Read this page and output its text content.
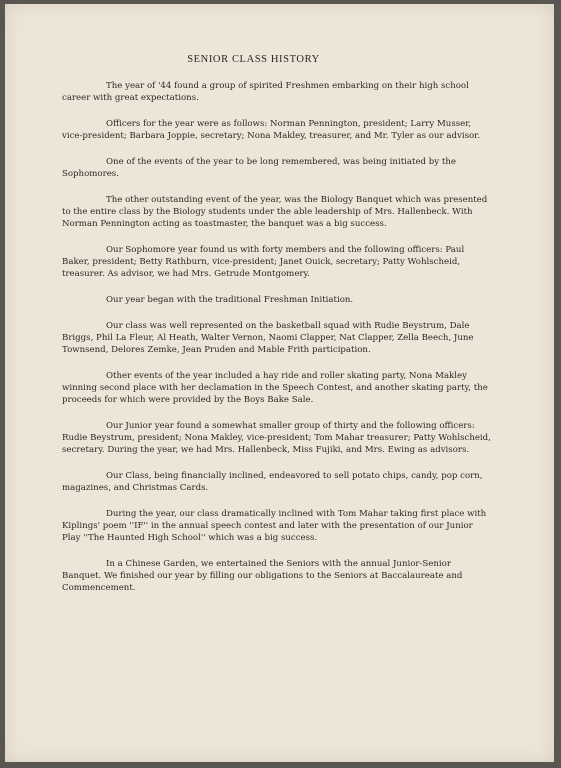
SENIOR CLASS HISTORY

The year of '44 found a group of spirited Freshmen embarking on their high school career with great expectations.

Officers for the year were as follows: Norman Pennington, president; Larry Musser, vice-president; Barbara Joppie, secretary; Nona Makley, treasurer, and Mr. Tyler as our advisor.

One of the events of the year to be long remembered, was being initiated by the Sophomores.

The other outstanding event of the year, was the Biology Banquet which was presented to the entire class by the Biology students under the able leadership of Mrs. Hallenbeck. With Norman Pennington acting as toastmaster, the banquet was a big success.

Our Sophomore year found us with forty members and the following officers: Paul Baker, president; Betty Rathburn, vice-president; Janet Ouick, secretary; Patty Wohlscheid, treasurer. As advisor, we had Mrs. Getrude Montgomery.

Our year began with the traditional Freshman Initiation.

Our class was well represented on the basketball squad with Rudie Beystrum, Dale Briggs, Phil La Fleur, Al Heath, Walter Vernon, Naomi Clapper, Nat Clapper, Zella Beech, June Townsend, Delores Zemke, Jean Pruden and Mable Frith participation.

Other events of the year included a hay ride and roller skating party, Nona Makley winning second place with her declamation in the Speech Contest, and another skating party, the proceeds for which were provided by the Boys Bake Sale.

Our Junior year found a somewhat smaller group of thirty and the following officers: Rudie Beystrum, president; Nona Makley, vice-president; Tom Mahar treasurer; Patty Wohlscheid, secretary. During the year, we had Mrs. Hallenbeck, Miss Fujiki, and Mrs. Ewing as advisors.

Our Class, being financially inclined, endeavored to sell potato chips, candy, pop corn, magazines, and Christmas Cards.

During the year, our class dramatically inclined with Tom Mahar taking first place with Kiplings' poem ''IF'' in the annual speech contest and later with the presentation of our Junior Play ''The Haunted High School'' which was a big success.

In a Chinese Garden, we entertained the Seniors with the annual Junior-Senior Banquet. We finished our year by filling our obligations to the Seniors at Baccalaureate and Commencement.
